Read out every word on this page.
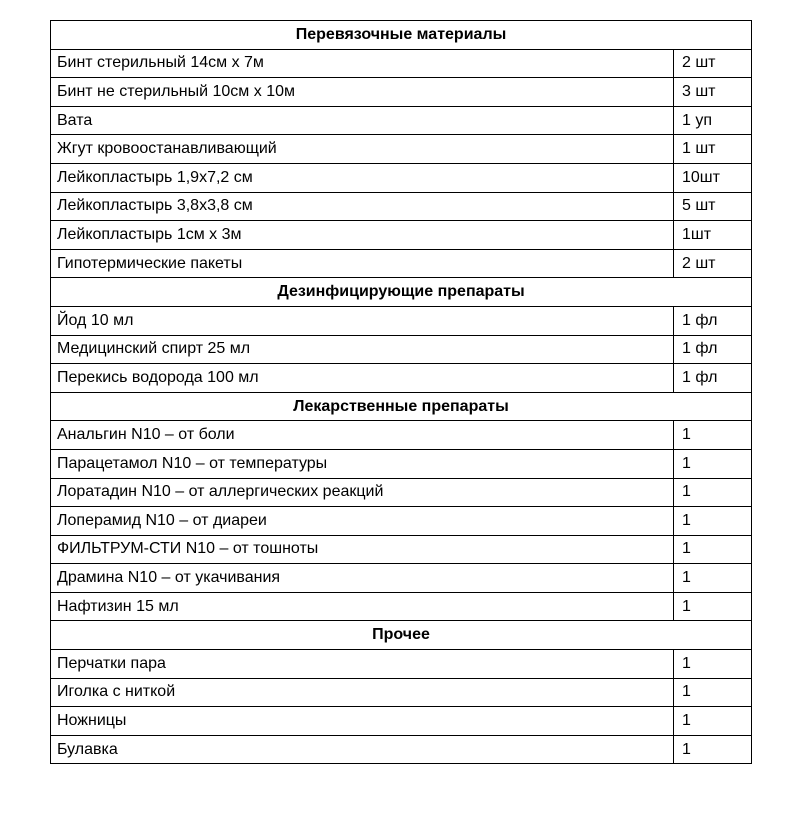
Перевязочные материалы	
Бинт стерильный 14см х 7м	2 шт
Бинт не стерильный 10см х 10м	3 шт
Вата	1 уп
Жгут кровоостанавливающий	1 шт
Лейкопластырь 1,9х7,2 см	10шт
Лейкопластырь 3,8х3,8 см	5 шт
Лейкопластырь 1см х 3м	1шт
Гипотермические пакеты	2 шт
Дезинфицирующие препараты	
Йод 10 мл	1 фл
Медицинский спирт 25 мл	1 фл
Перекись водорода 100 мл	1 фл
Лекарственные препараты	
Анальгин N10 – от боли	1
Парацетамол N10 – от температуры	1
Лоратадин N10 – от аллергических реакций	1
Лоперамид N10 – от диареи	1
ФИЛЬТРУМ-СТИ N10 – от тошноты	1
Драмина N10 – от укачивания	1
Нафтизин 15 мл	1
Прочее	
Перчатки пара	1
Иголка с ниткой	1
Ножницы	1
Булавка	1
